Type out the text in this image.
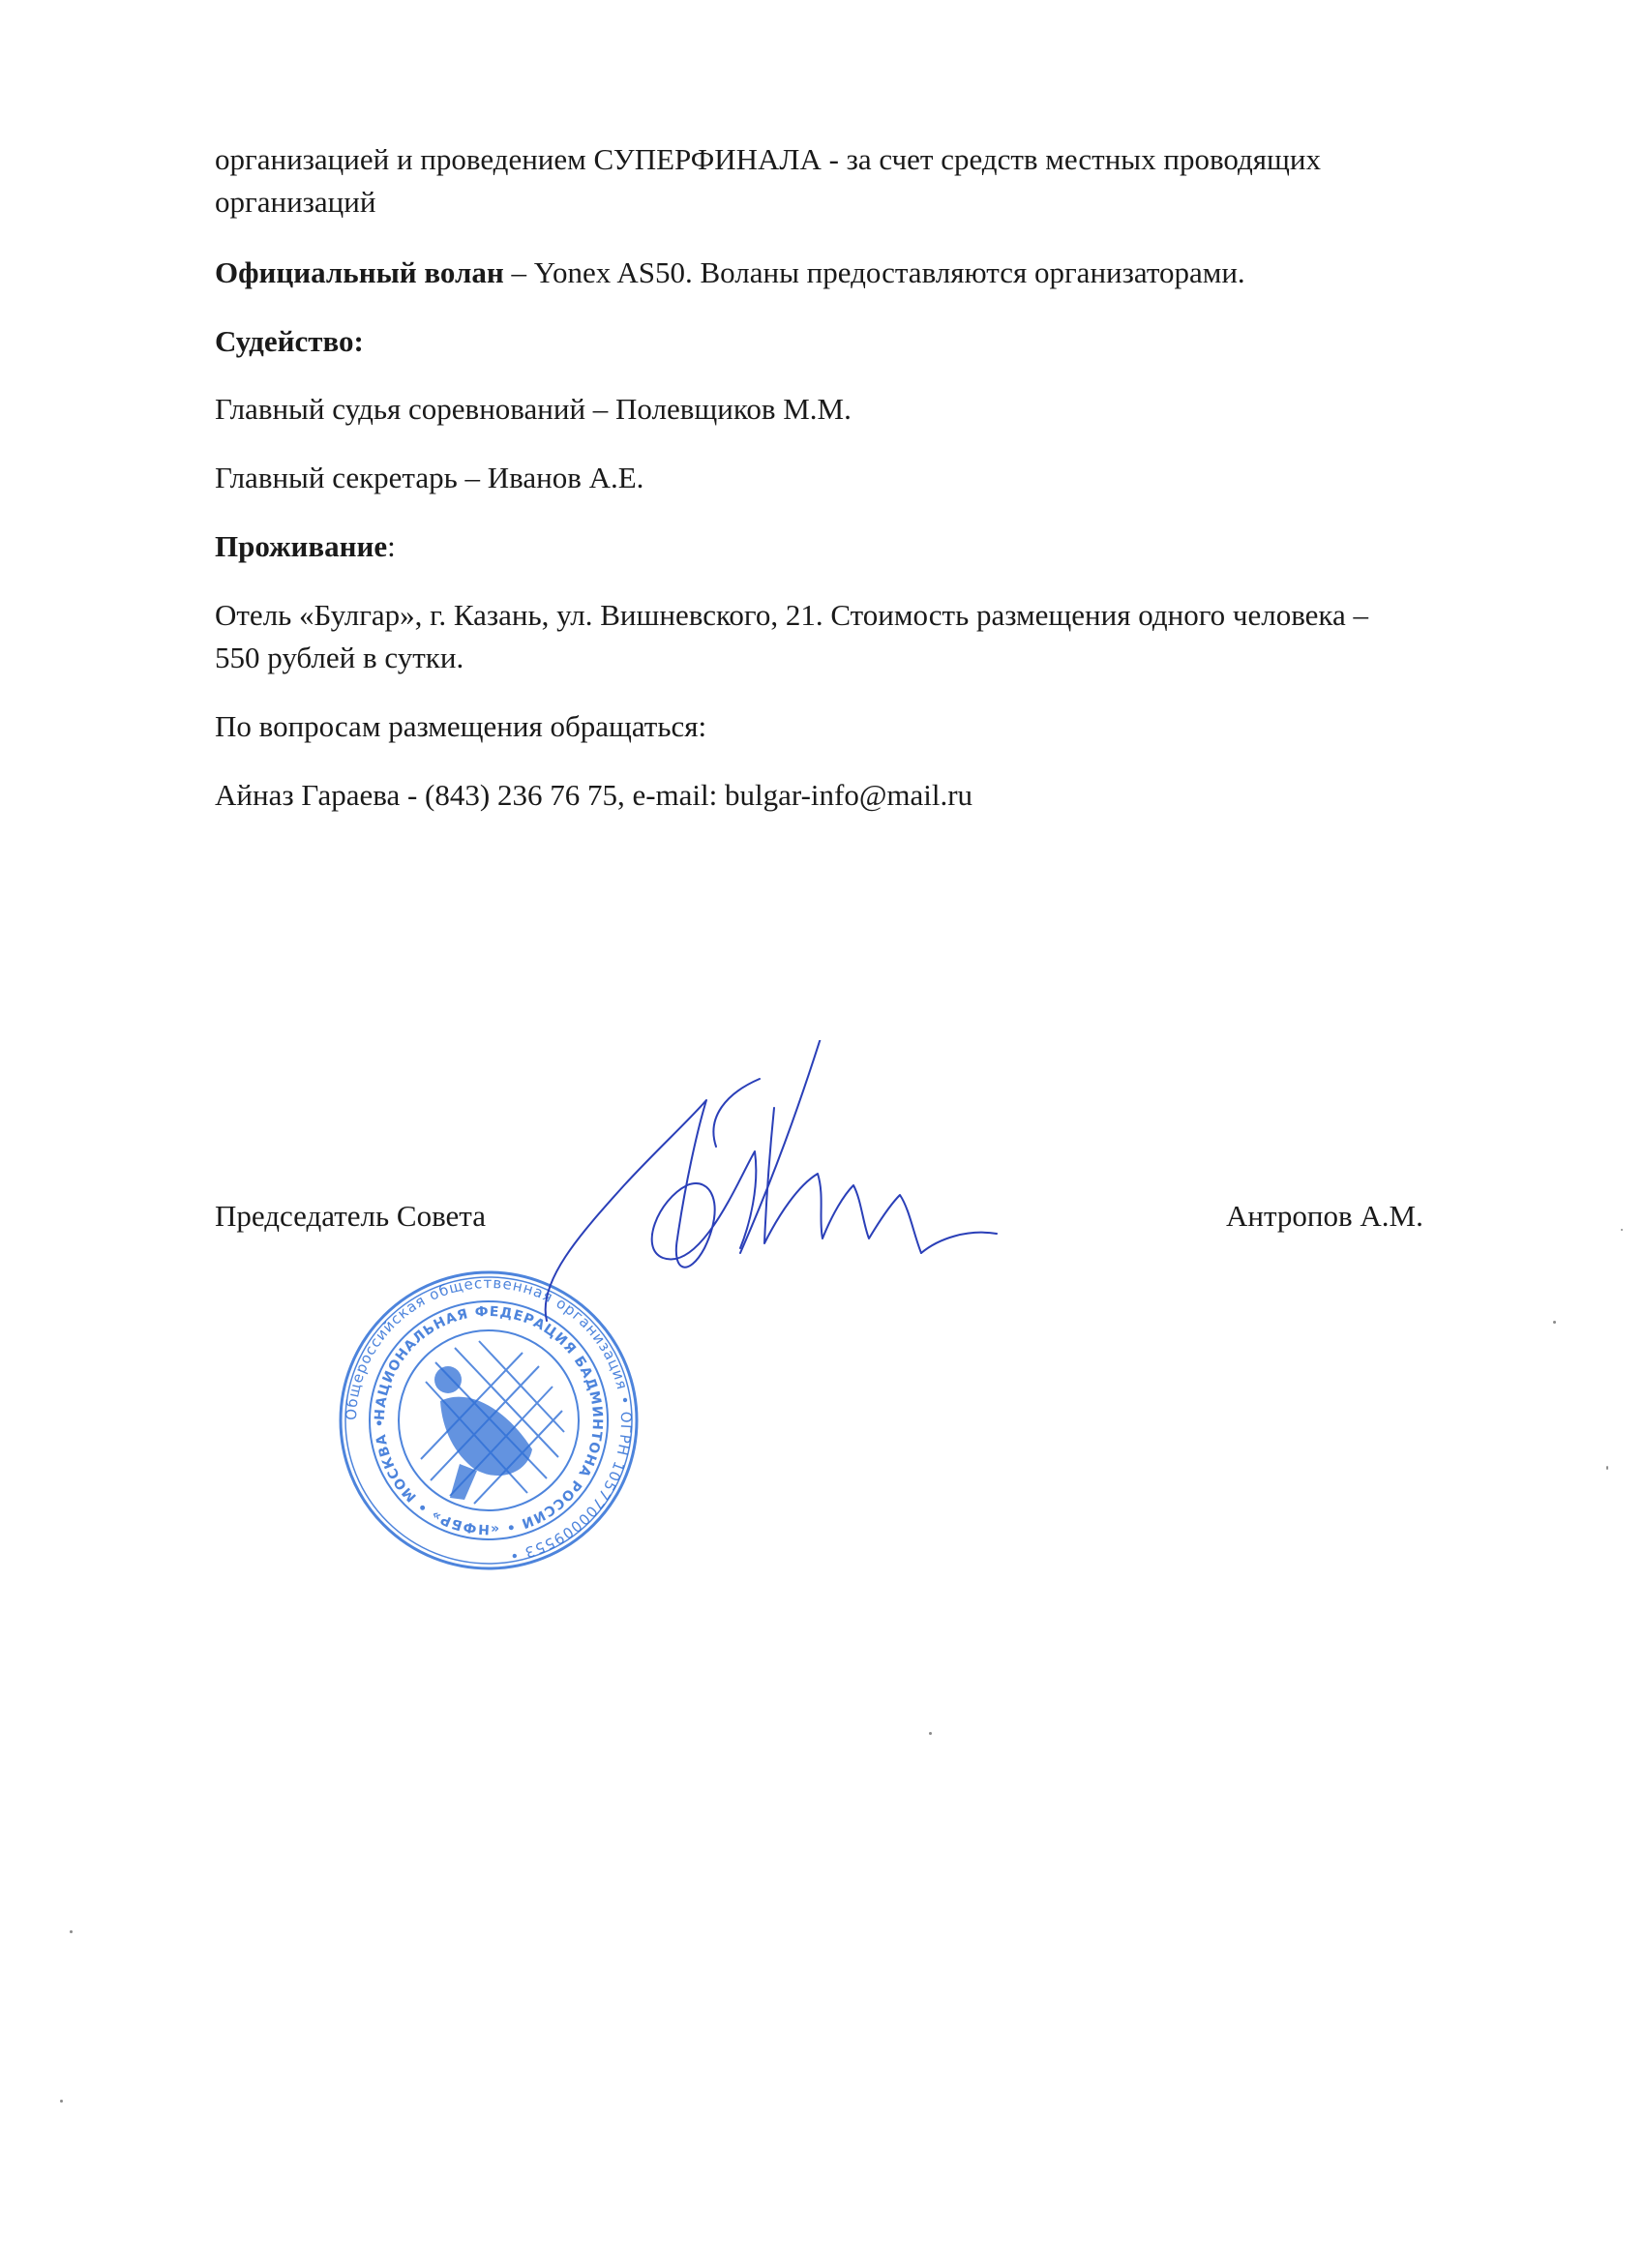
организацией и проведением СУПЕРФИНАЛА - за счет средств местных проводящих
организаций
Официальный волан – Yonex AS50. Воланы предоставляются организаторами.
Судейство:
Главный судья соревнований – Полевщиков М.М.
Главный секретарь – Иванов А.Е.
Проживание:
Отель «Булгар», г. Казань, ул. Вишневского, 21. Стоимость размещения одного человека –
550 рублей в сутки.
По вопросам размещения обращаться:
Айназ Гараева - (843) 236 76 75, e-mail: bulgar-info@mail.ru
Председатель Совета	Антропов А.М.
Общероссийская общественная организация • ОГРН 1057700009553 •
НАЦИОНАЛЬНАЯ ФЕДЕРАЦИЯ БАДМИНТОНА РОССИИ • «НФБР» • МОСКВА •
